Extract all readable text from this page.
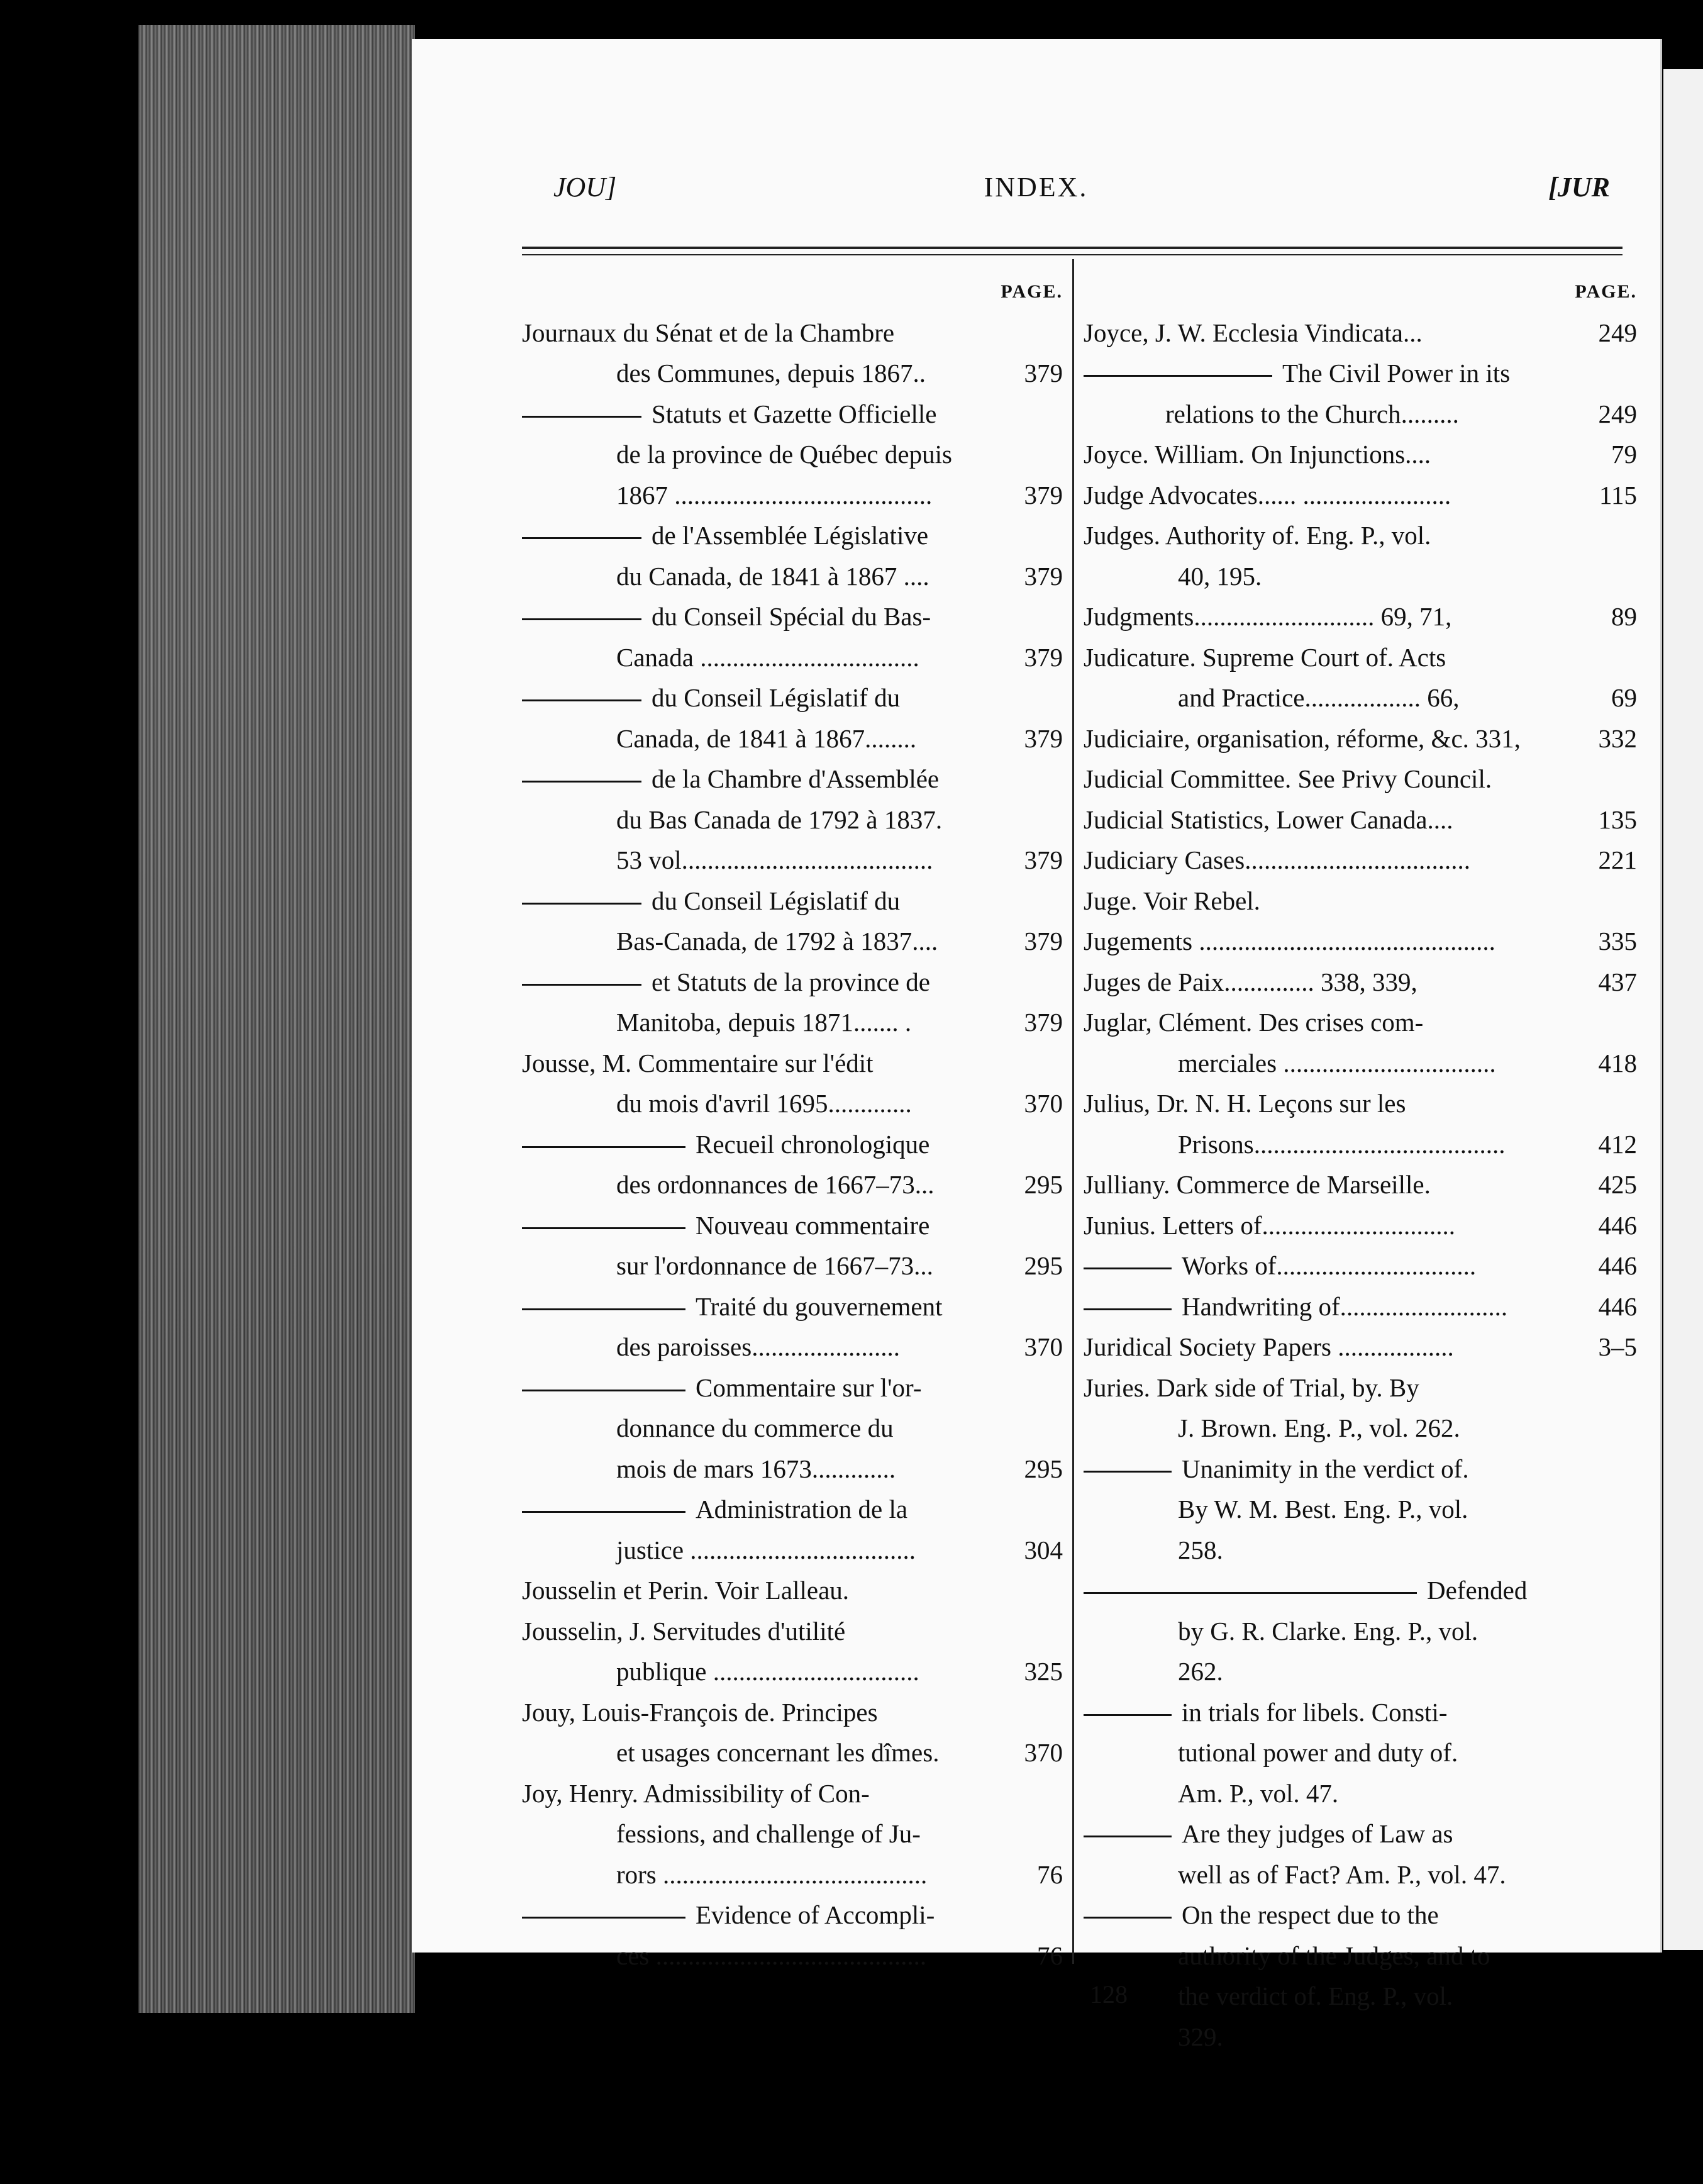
JOU]	INDEX.	[JUR
PAGE.
Journaux du Sénat et de la Chambre
des Communes, depuis 1867..	379
Statuts et Gazette Officielle
de la province de Québec depuis
1867 ........................................	379
de l'Assemblée Législative
du Canada, de 1841 à 1867 ....	379
du Conseil Spécial du Bas-
Canada ..................................	379
du Conseil Législatif du
Canada, de 1841 à 1867........	379
de la Chambre d'Assemblée
du Bas Canada de 1792 à 1837.
53 vol.......................................	379
du Conseil Législatif du
Bas-Canada, de 1792 à 1837....	379
et Statuts de la province de
Manitoba, depuis 1871....... .	379
Jousse, M. Commentaire sur l'édit
du mois d'avril 1695.............	370
Recueil chronologique
des ordonnances de 1667–73...	295
Nouveau commentaire
sur l'ordonnance de 1667–73...	295
Traité du gouvernement
des paroisses.......................	370
Commentaire sur l'or-
donnance du commerce du
mois de mars 1673.............	295
Administration de la
justice ...................................	304
Jousselin et Perin. Voir Lalleau.
Jousselin, J. Servitudes d'utilité
publique ................................	325
Jouy, Louis-François de. Principes
et usages concernant les dîmes.	370
Joy, Henry. Admissibility of Con-
fessions, and challenge of Ju-
rors .........................................	76
Evidence of Accompli-
ces ..........................................	76
PAGE.
Joyce, J. W. Ecclesia Vindicata...	249
The Civil Power in its
relations to the Church.........	249
Joyce. William. On Injunctions....	79
Judge Advocates...... .......................	115
Judges. Authority of. Eng. P., vol.
40, 195.
Judgments............................ 69, 71,	89
Judicature. Supreme Court of. Acts
and Practice.................. 66,	69
Judiciaire, organisation, réforme, &c. 331,	332
Judicial Committee. See Privy Council.
Judicial Statistics, Lower Canada....	135
Judiciary Cases...................................	221
Juge. Voir Rebel.
Jugements ..............................................	335
Juges de Paix.............. 338, 339,	437
Juglar, Clément. Des crises com-
merciales .................................	418
Julius, Dr. N. H. Leçons sur les
Prisons.......................................	412
Julliany. Commerce de Marseille.	425
Junius. Letters of..............................	446
Works of...............................	446
Handwriting of..........................	446
Juridical Society Papers ..................	3–5
Juries. Dark side of Trial, by. By
J. Brown. Eng. P., vol. 262.
Unanimity in the verdict of.
By W. M. Best. Eng. P., vol.
258.
Defended
by G. R. Clarke. Eng. P., vol.
262.
in trials for libels. Consti-
tutional power and duty of.
Am. P., vol. 47.
Are they judges of Law as
well as of Fact? Am. P., vol. 47.
On the respect due to the
authority of the Judges, and to
the verdict of. Eng. P., vol.
329.
128
